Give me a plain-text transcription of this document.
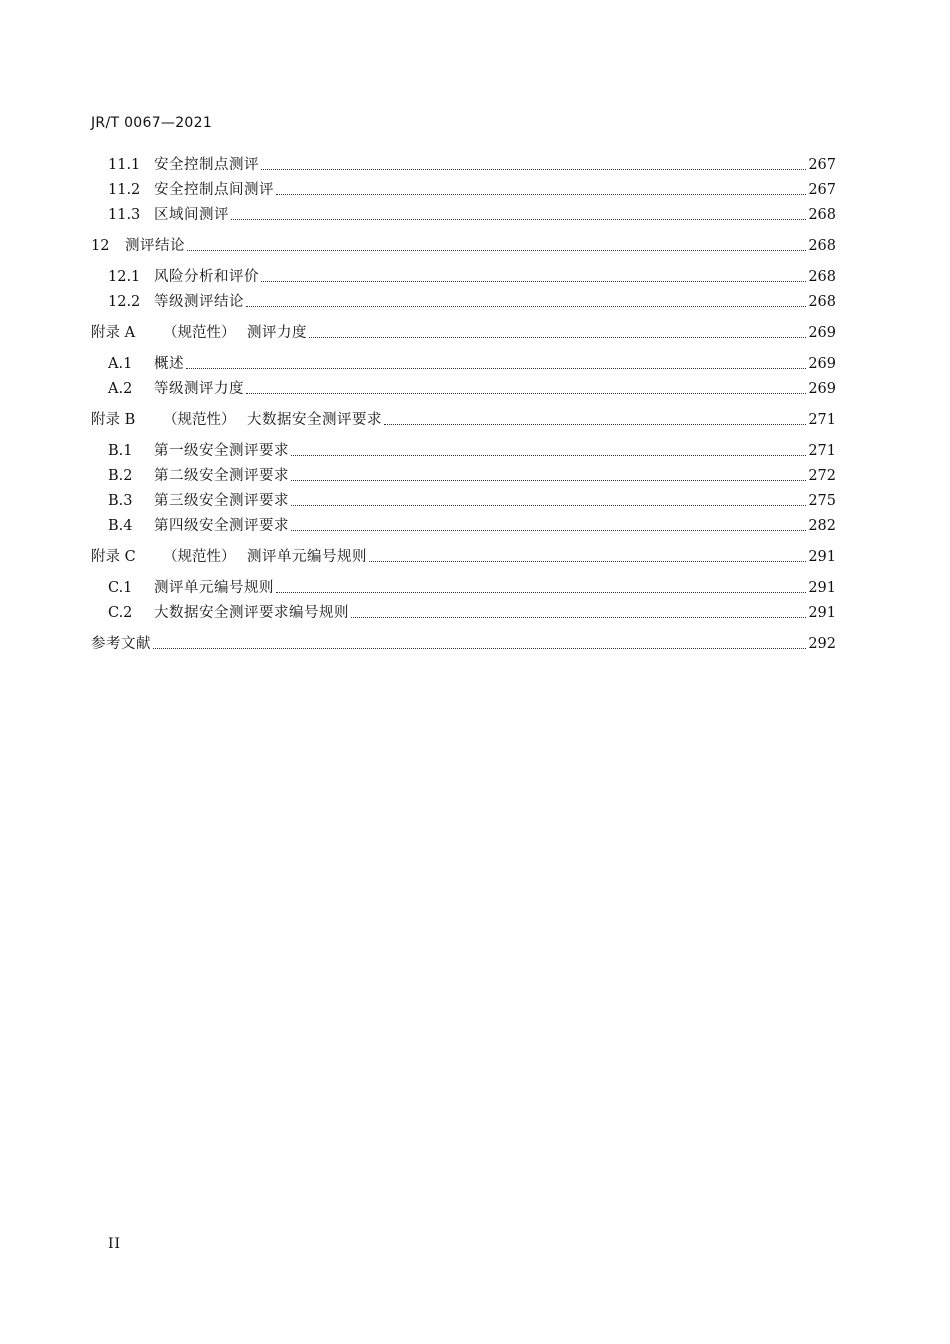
JR/T 0067—2021
11.1 安全控制点测评	267
11.2 安全控制点间测评	267
11.3 区域间测评	268
12	测评结论	268
12.1 风险分析和评价	268
12.2 等级测评结论	268
附录 A	（规范性） 测评力度	269
A.1	概述	269
A.2	等级测评力度	269
附录 B	（规范性） 大数据安全测评要求	271
B.1	第一级安全测评要求	271
B.2	第二级安全测评要求	272
B.3	第三级安全测评要求	275
B.4	第四级安全测评要求	282
附录 C	（规范性） 测评单元编号规则	291
C.1	测评单元编号规则	291
C.2	大数据安全测评要求编号规则	291
参考文献	292
II
